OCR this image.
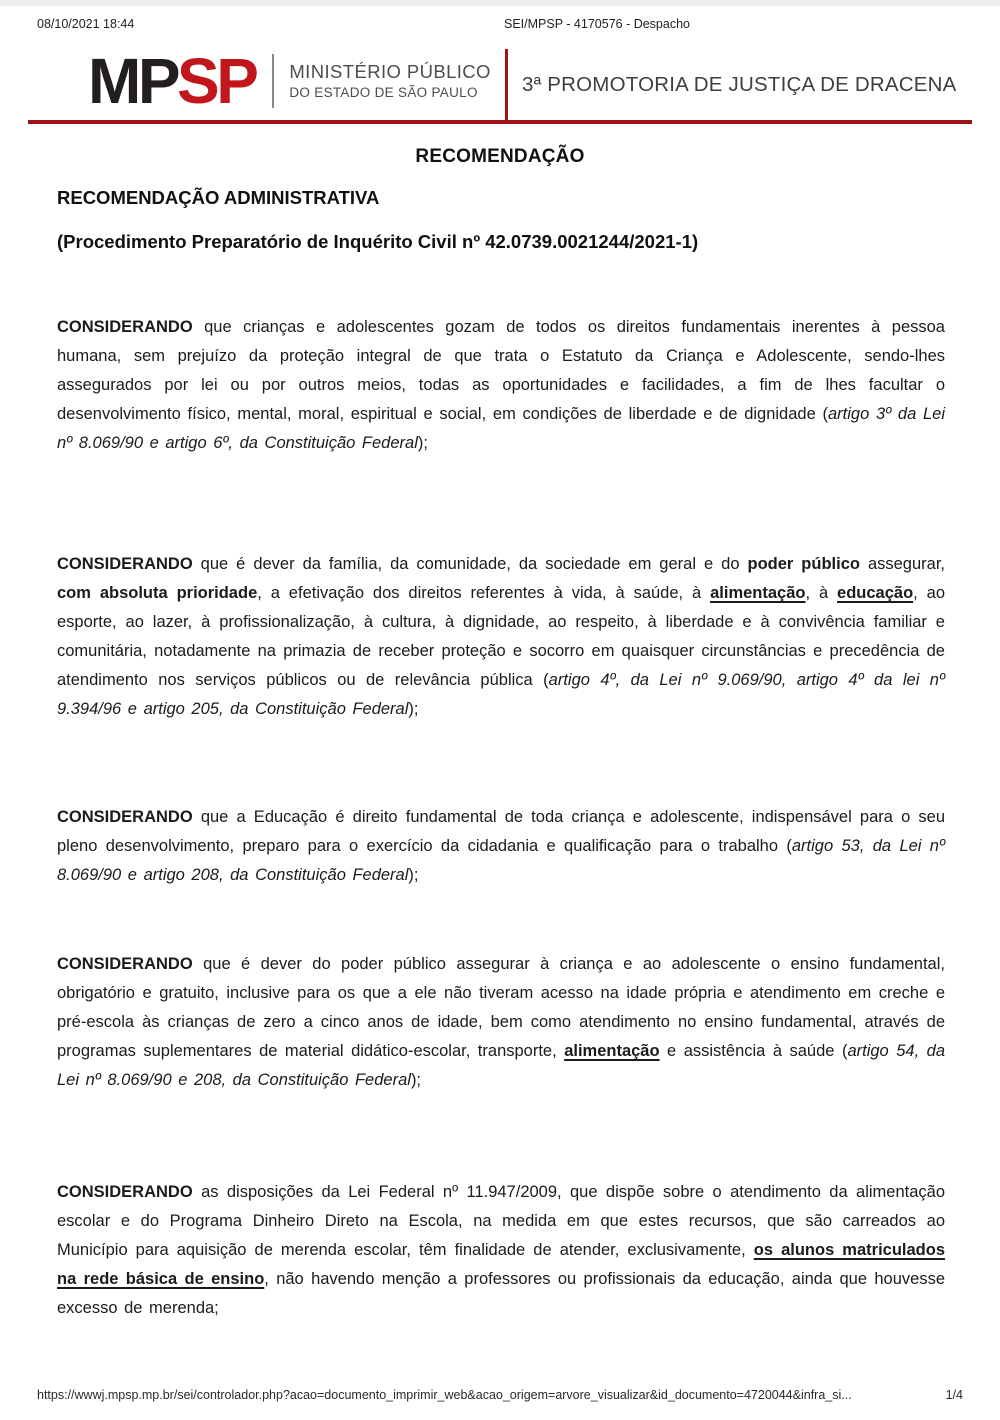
08/10/2021 18:44	SEI/MPSP - 4170576 - Despacho
MPSP MINISTÉRIO PÚBLICO
DO ESTADO DE SÃO PAULO	3ª PROMOTORIA DE JUSTIÇA DE DRACENA
RECOMENDAÇÃO
RECOMENDAÇÃO ADMINISTRATIVA
(Procedimento Preparatório de Inquérito Civil nº 42.0739.0021244/2021-1)

CONSIDERANDO que crianças e adolescentes gozam de todos os direitos fundamentais inerentes à pessoa humana, sem prejuízo da proteção integral de que trata o Estatuto da Criança e Adolescente, sendo-lhes assegurados por lei ou por outros meios, todas as oportunidades e facilidades, a fim de lhes facultar o desenvolvimento físico, mental, moral, espiritual e social, em condições de liberdade e de dignidade (artigo 3º da Lei nº 8.069/90 e artigo 6º, da Constituição Federal);

CONSIDERANDO que é dever da família, da comunidade, da sociedade em geral e do poder público assegurar, com absoluta prioridade, a efetivação dos direitos referentes à vida, à saúde, à alimentação, à educação, ao esporte, ao lazer, à profissionalização, à cultura, à dignidade, ao respeito, à liberdade e à convivência familiar e comunitária, notadamente na primazia de receber proteção e socorro em quaisquer circunstâncias e precedência de atendimento nos serviços públicos ou de relevância pública (artigo 4º, da Lei nº 9.069/90, artigo 4º da lei nº 9.394/96 e artigo 205, da Constituição Federal);

CONSIDERANDO que a Educação é direito fundamental de toda criança e adolescente, indispensável para o seu pleno desenvolvimento, preparo para o exercício da cidadania e qualificação para o trabalho (artigo 53, da Lei nº 8.069/90 e artigo 208, da Constituição Federal);

CONSIDERANDO que é dever do poder público assegurar à criança e ao adolescente o ensino fundamental, obrigatório e gratuito, inclusive para os que a ele não tiveram acesso na idade própria e atendimento em creche e pré-escola às crianças de zero a cinco anos de idade, bem como atendimento no ensino fundamental, através de programas suplementares de material didático-escolar, transporte, alimentação e assistência à saúde (artigo 54, da Lei nº 8.069/90 e 208, da Constituição Federal);

CONSIDERANDO as disposições da Lei Federal nº 11.947/2009, que dispõe sobre o atendimento da alimentação escolar e do Programa Dinheiro Direto na Escola, na medida em que estes recursos, que são carreados ao Município para aquisição de merenda escolar, têm finalidade de atender, exclusivamente, os alunos matriculados na rede básica de ensino, não havendo menção a professores ou profissionais da educação, ainda que houvesse excesso de merenda;

https://wwwj.mpsp.mp.br/sei/controlador.php?acao=documento_imprimir_web&acao_origem=arvore_visualizar&id_documento=4720044&infra_si...	1/4
